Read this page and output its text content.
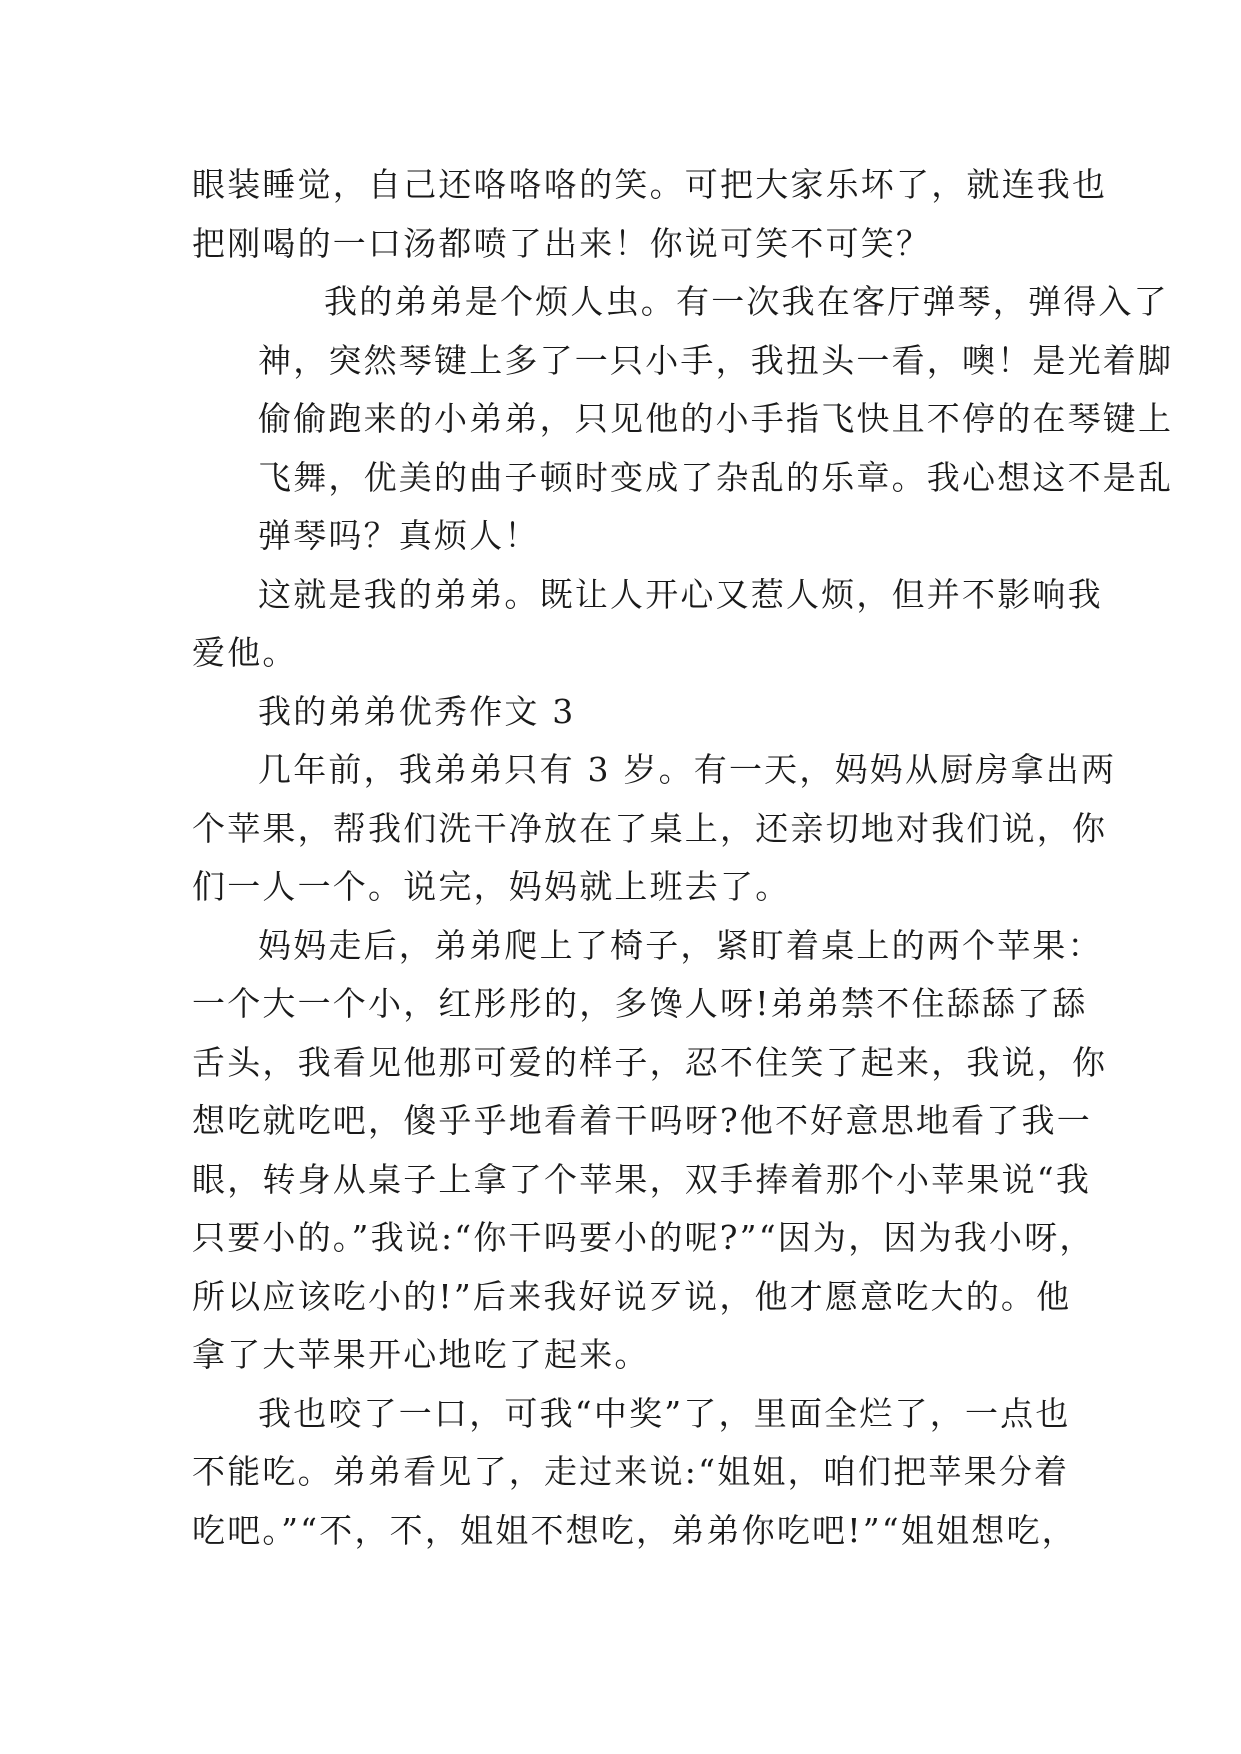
眼装睡觉，自己还咯咯咯的笑。可把大家乐坏了，就连我也
把刚喝的一口汤都喷了出来！你说可笑不可笑？

我的弟弟是个烦人虫。有一次我在客厅弹琴，弹得入了
神，突然琴键上多了一只小手，我扭头一看，噢！是光着脚
偷偷跑来的小弟弟，只见他的小手指飞快且不停的在琴键上
飞舞，优美的曲子顿时变成了杂乱的乐章。我心想这不是乱
弹琴吗？真烦人！

这就是我的弟弟。既让人开心又惹人烦，但并不影响我
爱他。

我的弟弟优秀作文 3

几年前，我弟弟只有 3 岁。有一天，妈妈从厨房拿出两
个苹果，帮我们洗干净放在了桌上，还亲切地对我们说，你
们一人一个。说完，妈妈就上班去了。

妈妈走后，弟弟爬上了椅子，紧盯着桌上的两个苹果：
一个大一个小，红彤彤的，多馋人呀!弟弟禁不住舔舔了舔
舌头，我看见他那可爱的样子，忍不住笑了起来，我说，你
想吃就吃吧，傻乎乎地看着干吗呀?他不好意思地看了我一
眼，转身从桌子上拿了个苹果，双手捧着那个小苹果说“我
只要小的。”我说:“你干吗要小的呢?”“因为，因为我小呀，
所以应该吃小的!”后来我好说歹说，他才愿意吃大的。他
拿了大苹果开心地吃了起来。

我也咬了一口，可我“中奖”了，里面全烂了，一点也
不能吃。弟弟看见了，走过来说:“姐姐，咱们把苹果分着
吃吧。”“不，不，姐姐不想吃，弟弟你吃吧!”“姐姐想吃，
